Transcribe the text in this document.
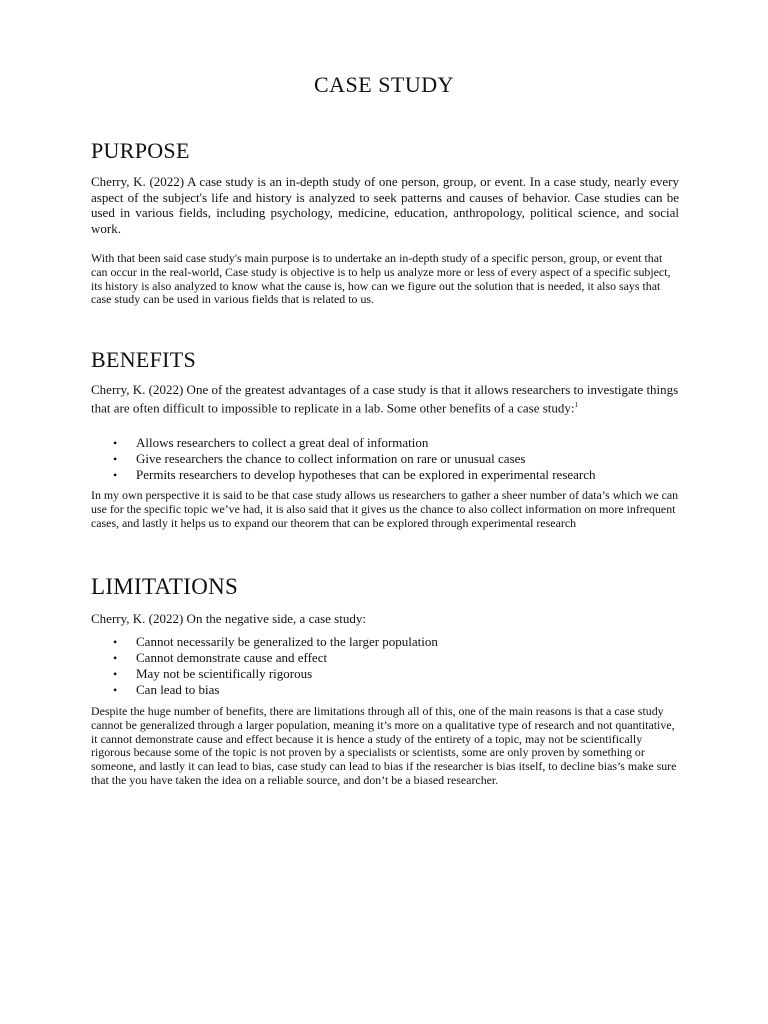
CASE STUDY
PURPOSE

Cherry, K. (2022) A case study is an in-depth study of one person, group, or event. In a case study, nearly every aspect of the subject's life and history is analyzed to seek patterns and causes of behavior. Case studies can be used in various fields, including psychology, medicine, education, anthropology, political science, and social work.

With that been said case study's main purpose is to undertake an in-depth study of a specific person, group, or event that can occur in the real-world, Case study is objective is to help us analyze more or less of every aspect of a specific subject, its history is also analyzed to know what the cause is, how can we figure out the solution that is needed, it also says that case study can be used in various fields that is related to us.

BENEFITS

Cherry, K. (2022) One of the greatest advantages of a case study is that it allows researchers to investigate things that are often difficult to impossible to replicate in a lab. Some other benefits of a case study:$^1$

• Allows researchers to collect a great deal of information
• Give researchers the chance to collect information on rare or unusual cases
• Permits researchers to develop hypotheses that can be explored in experimental research

In my own perspective it is said to be that case study allows us researchers to gather a sheer number of data’s which we can use for the specific topic we’ve had, it is also said that it gives us the chance to also collect information on more infrequent cases, and lastly it helps us to expand our theorem that can be explored through experimental research

LIMITATIONS

Cherry, K. (2022) On the negative side, a case study:

• Cannot necessarily be generalized to the larger population
• Cannot demonstrate cause and effect
• May not be scientifically rigorous
• Can lead to bias

Despite the huge number of benefits, there are limitations through all of this, one of the main reasons is that a case study cannot be generalized through a larger population, meaning it’s more on a qualitative type of research and not quantitative, it cannot demonstrate cause and effect because it is hence a study of the entirety of a topic, may not be scientifically rigorous because some of the topic is not proven by a specialists or scientists, some are only proven by something or someone, and lastly it can lead to bias, case study can lead to bias if the researcher is bias itself, to decline bias’s make sure that the you have taken the idea on a reliable source, and don’t be a biased researcher.
